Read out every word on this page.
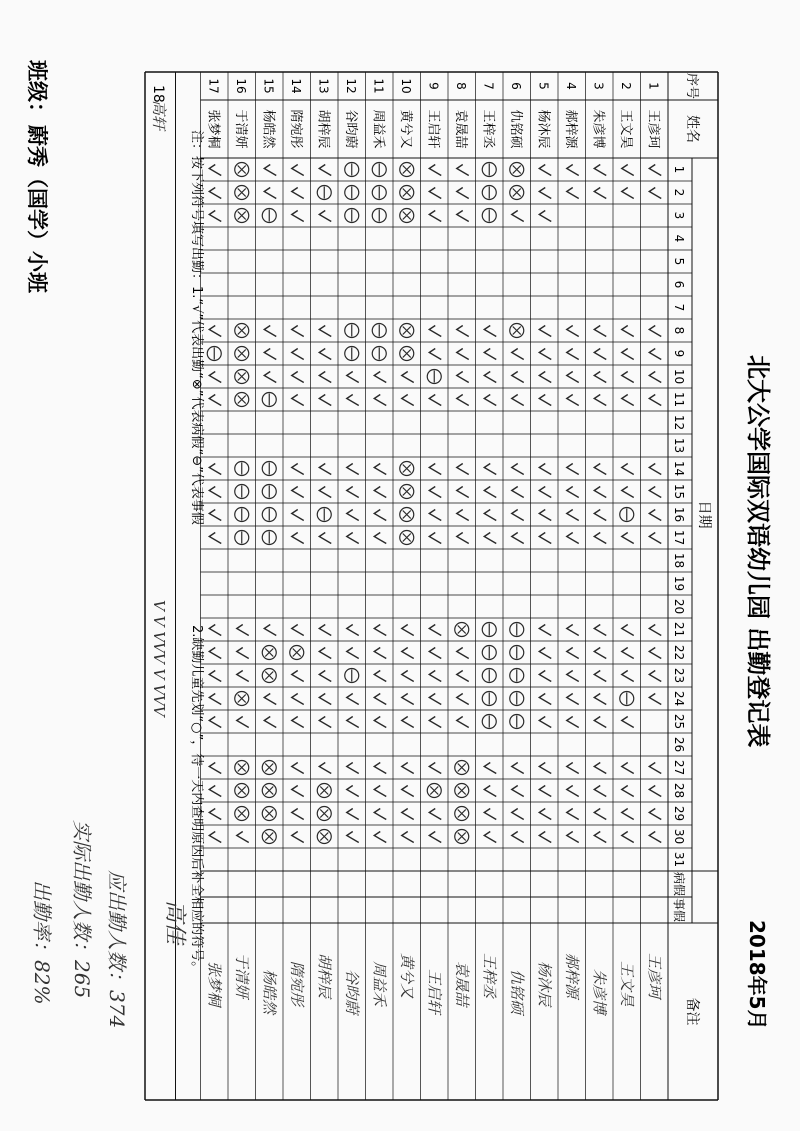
班级：
蔚秀（国学）小班
北大公学国际双语幼儿园 出勤登记表
2018年5月
序号
姓名
日期
1
2
3
4
5
6
7
8
9
10
11
12
13
14
15
16
17
18
19
20
21
22
23
24
25
26
27
28
29
30
31
病假
事假
备注
1
王彦珂
王彦珂
2
王文昊
王文昊
3
朱彦博
朱彦博
4
郝梓源
郝梓源
5
杨沐辰
杨沐辰
6
仇铭硕
仇铭硕
7
王梓丞
王梓丞
8
袁晟喆
袁晟喆
9
王启轩
王启轩
10
黄兮又
黄兮又
11
周益禾
周益禾
12
谷昀蔚
谷昀蔚
13
胡梓辰
胡梓辰
14
隋宛彤
隋宛彤
15
杨皓然
杨皓然
16
于清妍
于清妍
17
张梦桐
张梦桐
注：按下列符号填写出勤：1.“√”代表出勤“⊗”代表病假“⊖”代表事假
2.缺勤儿童先划“○”，待一天内查明原因后补全相应的符号。
18
高轩
V V VVV V VVV
应出勤人数：374
实际出勤人数：265
出勤率：82%	高佳
